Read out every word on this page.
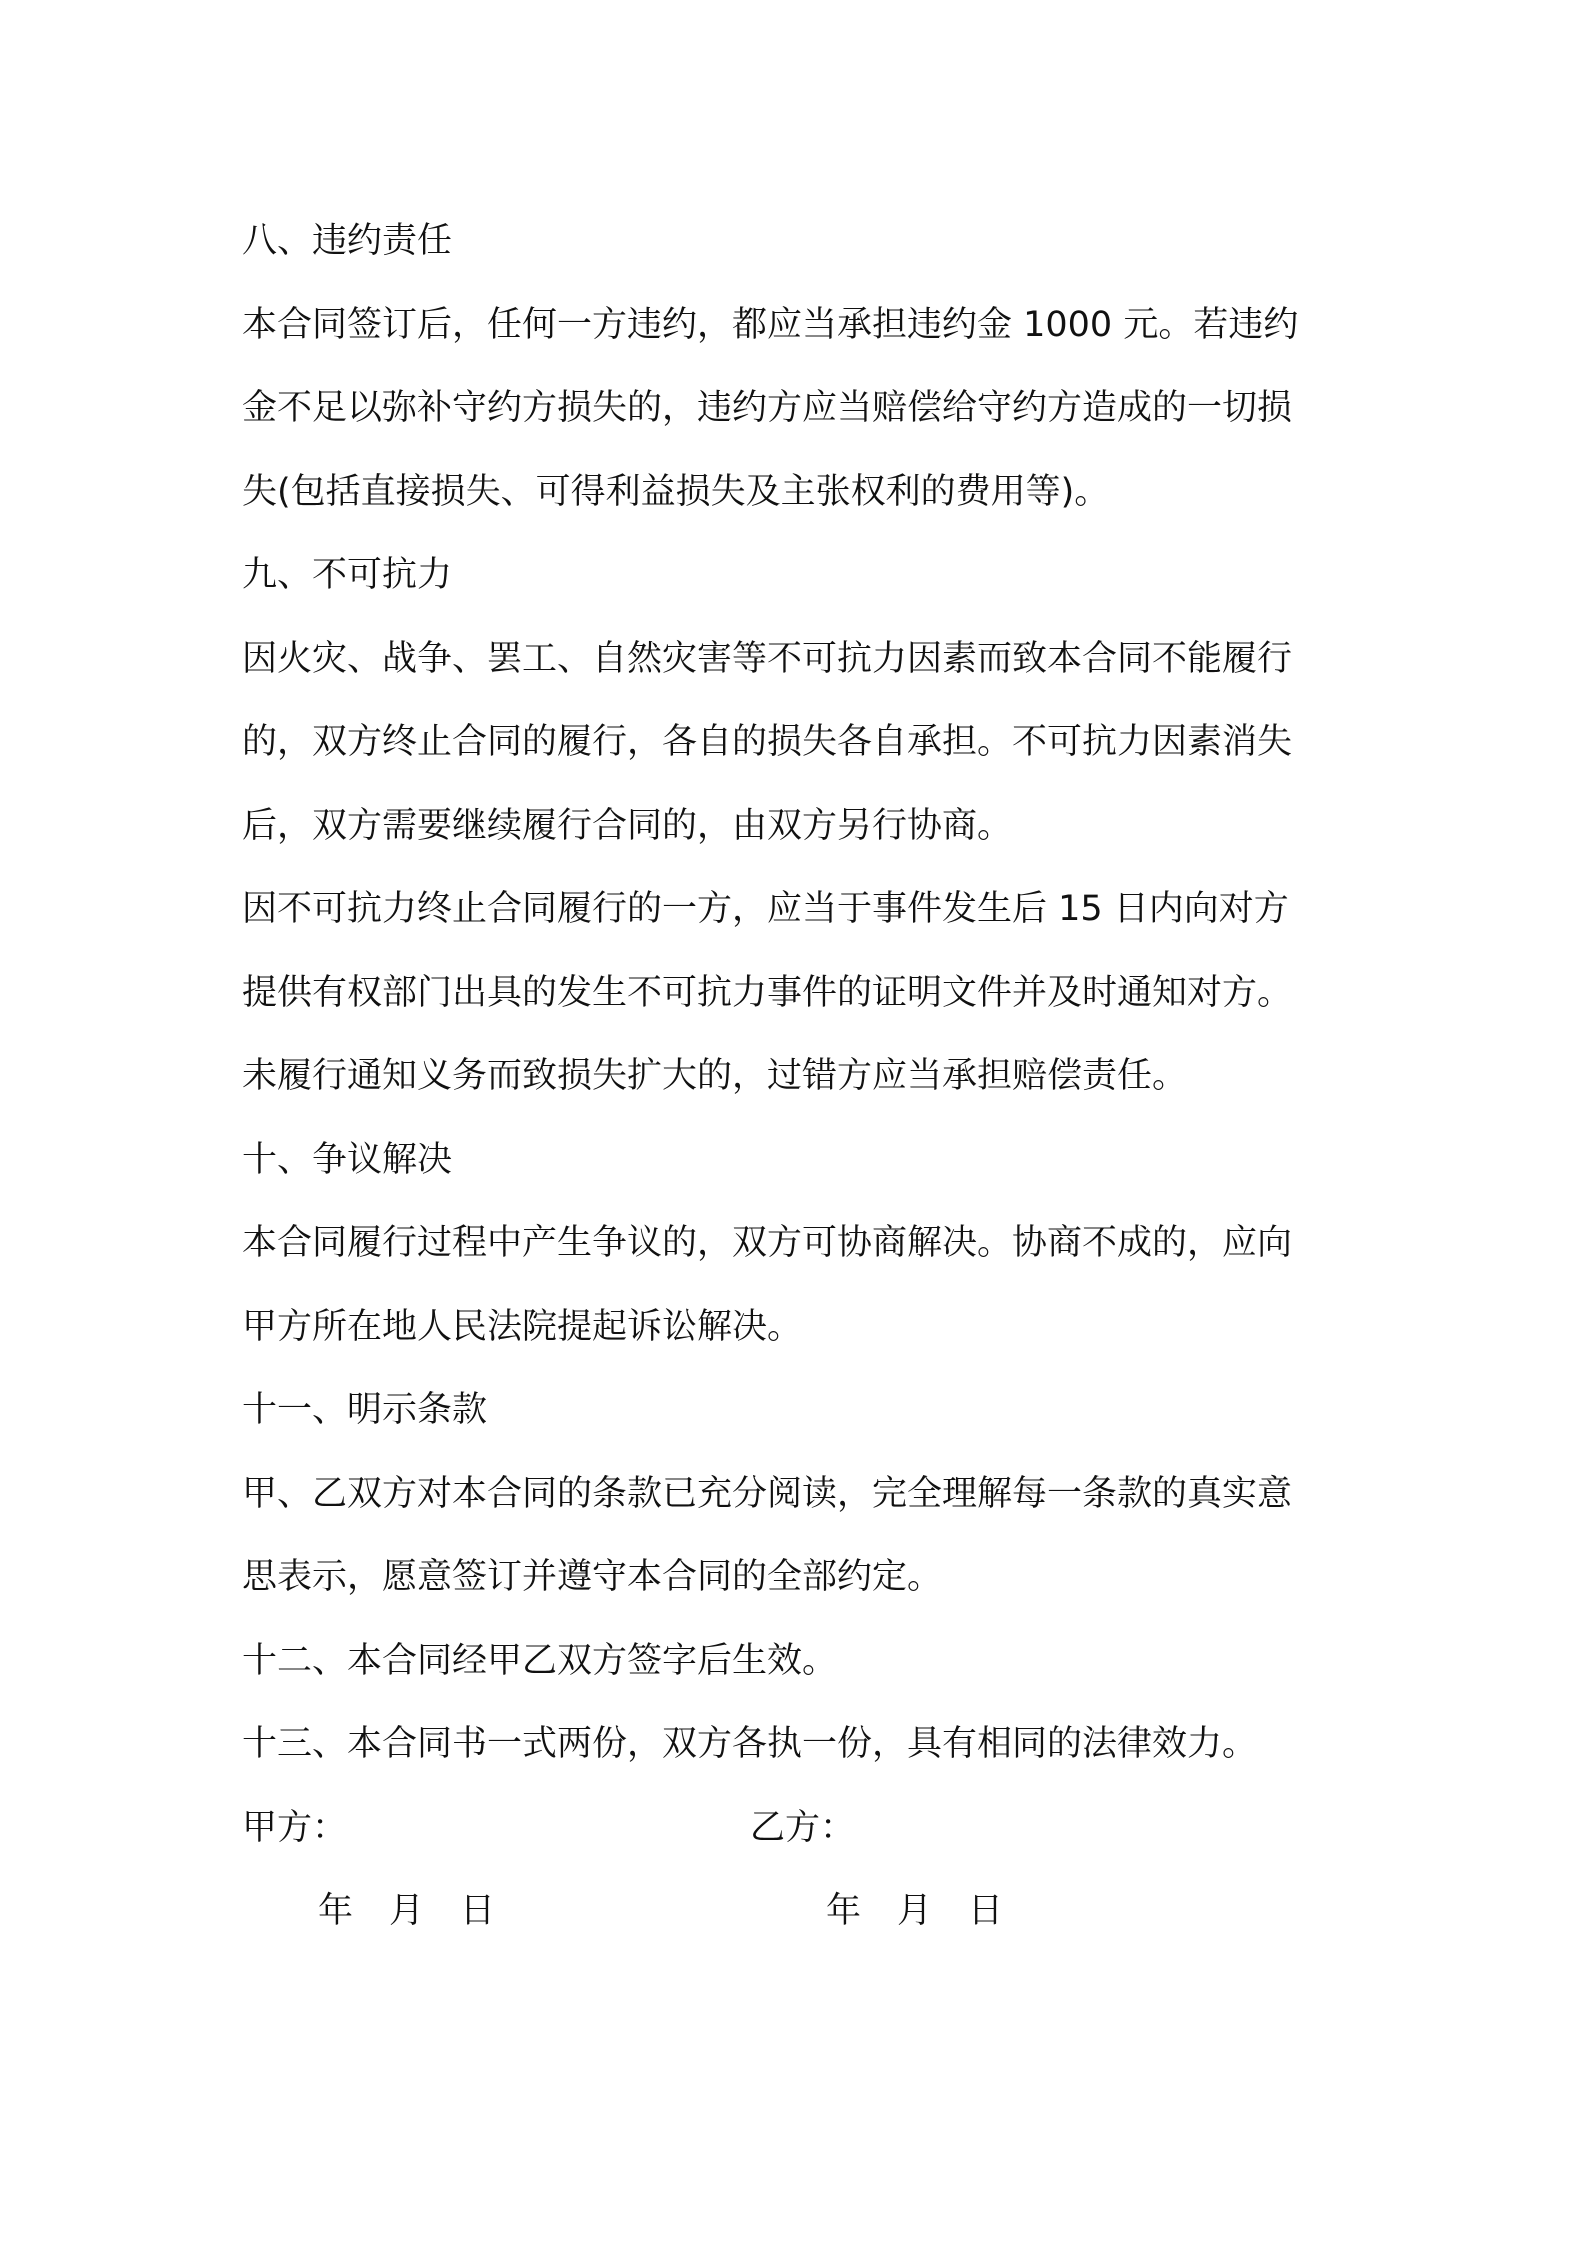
八、违约责任
本合同签订后，任何一方违约，都应当承担违约金 1000 元。若违约
金不足以弥补守约方损失的，违约方应当赔偿给守约方造成的一切损
失(包括直接损失、可得利益损失及主张权利的费用等)。
九、不可抗力
因火灾、战争、罢工、自然灾害等不可抗力因素而致本合同不能履行
的，双方终止合同的履行，各自的损失各自承担。不可抗力因素消失
后，双方需要继续履行合同的，由双方另行协商。
因不可抗力终止合同履行的一方，应当于事件发生后 15 日内向对方
提供有权部门出具的发生不可抗力事件的证明文件并及时通知对方。
未履行通知义务而致损失扩大的，过错方应当承担赔偿责任。
十、争议解决
本合同履行过程中产生争议的，双方可协商解决。协商不成的，应向
甲方所在地人民法院提起诉讼解决。
十一、明示条款
甲、乙双方对本合同的条款已充分阅读，完全理解每一条款的真实意
思表示，愿意签订并遵守本合同的全部约定。
十二、本合同经甲乙双方签字后生效。
十三、本合同书一式两份，双方各执一份，具有相同的法律效力。
甲方：	乙方：
年 月 日	年 月 日
